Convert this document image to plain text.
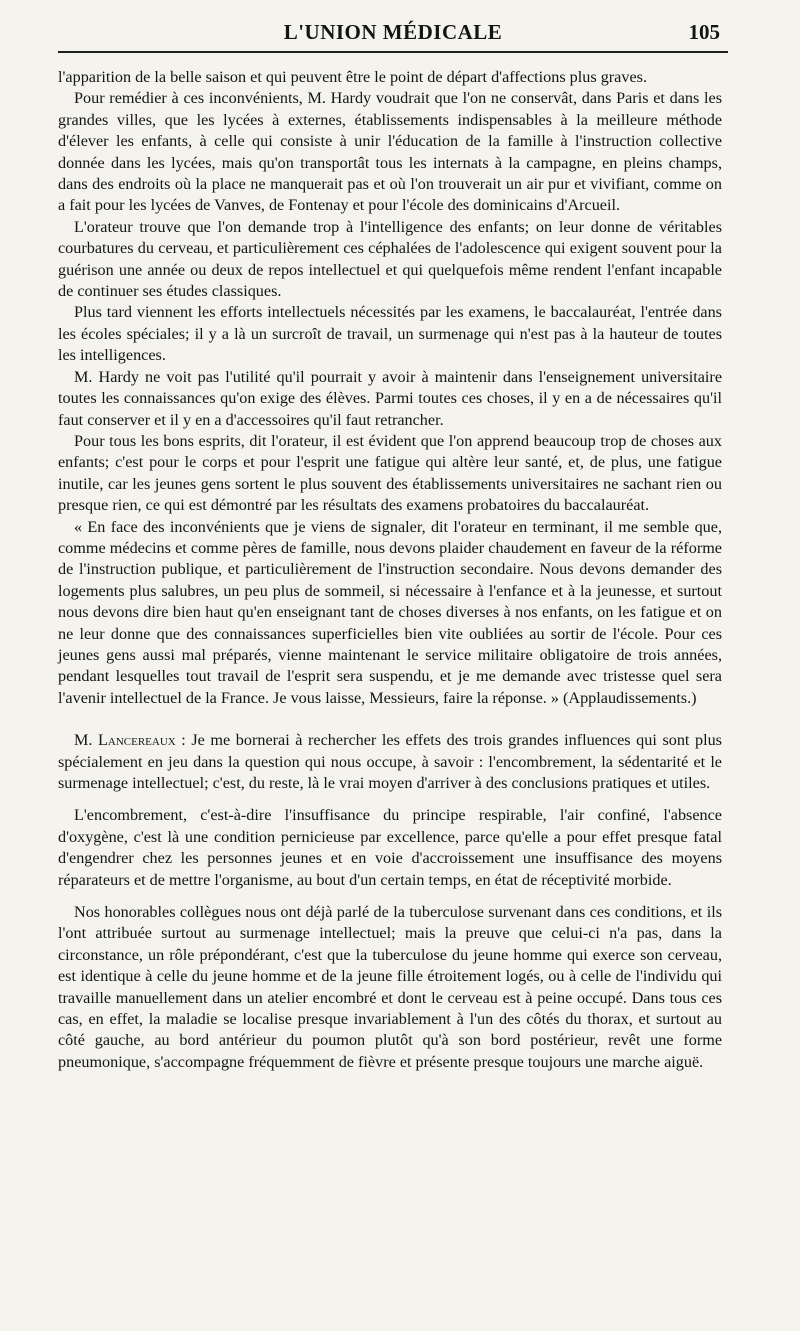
L'UNION MÉDICALE	105

l'apparition de la belle saison et qui peuvent être le point de départ d'affections plus graves.

Pour remédier à ces inconvénients, M. Hardy voudrait que l'on ne conservât, dans Paris et dans les grandes villes, que les lycées à externes, établissements indispensables à la meilleure méthode d'élever les enfants, à celle qui consiste à unir l'éducation de la famille à l'instruction collective donnée dans les lycées, mais qu'on transportât tous les internats à la campagne, en pleins champs, dans des endroits où la place ne manquerait pas et où l'on trouverait un air pur et vivifiant, comme on a fait pour les lycées de Vanves, de Fontenay et pour l'école des dominicains d'Arcueil.

L'orateur trouve que l'on demande trop à l'intelligence des enfants; on leur donne de véritables courbatures du cerveau, et particulièrement ces céphalées de l'adolescence qui exigent souvent pour la guérison une année ou deux de repos intellectuel et qui quelquefois même rendent l'enfant incapable de continuer ses études classiques.

Plus tard viennent les efforts intellectuels nécessités par les examens, le baccalauréat, l'entrée dans les écoles spéciales; il y a là un surcroît de travail, un surmenage qui n'est pas à la hauteur de toutes les intelligences.

M. Hardy ne voit pas l'utilité qu'il pourrait y avoir à maintenir dans l'enseignement universitaire toutes les connaissances qu'on exige des élèves. Parmi toutes ces choses, il y en a de nécessaires qu'il faut conserver et il y en a d'accessoires qu'il faut retrancher.

Pour tous les bons esprits, dit l'orateur, il est évident que l'on apprend beaucoup trop de choses aux enfants; c'est pour le corps et pour l'esprit une fatigue qui altère leur santé, et, de plus, une fatigue inutile, car les jeunes gens sortent le plus souvent des établissements universitaires ne sachant rien ou presque rien, ce qui est démontré par les résultats des examens probatoires du baccalauréat.

« En face des inconvénients que je viens de signaler, dit l'orateur en terminant, il me semble que, comme médecins et comme pères de famille, nous devons plaider chaudement en faveur de la réforme de l'instruction publique, et particulièrement de l'instruction secondaire. Nous devons demander des logements plus salubres, un peu plus de sommeil, si nécessaire à l'enfance et à la jeunesse, et surtout nous devons dire bien haut qu'en enseignant tant de choses diverses à nos enfants, on les fatigue et on ne leur donne que des connaissances superficielles bien vite oubliées au sortir de l'école. Pour ces jeunes gens aussi mal préparés, vienne maintenant le service militaire obligatoire de trois années, pendant lesquelles tout travail de l'esprit sera suspendu, et je me demande avec tristesse quel sera l'avenir intellectuel de la France. Je vous laisse, Messieurs, faire la réponse. » (Applaudissements.)

M. Lancereaux : Je me bornerai à rechercher les effets des trois grandes influences qui sont plus spécialement en jeu dans la question qui nous occupe, à savoir : l'encombrement, la sédentarité et le surmenage intellectuel; c'est, du reste, là le vrai moyen d'arriver à des conclusions pratiques et utiles.

L'encombrement, c'est-à-dire l'insuffisance du principe respirable, l'air confiné, l'absence d'oxygène, c'est là une condition pernicieuse par excellence, parce qu'elle a pour effet presque fatal d'engendrer chez les personnes jeunes et en voie d'accroissement une insuffisance des moyens réparateurs et de mettre l'organisme, au bout d'un certain temps, en état de réceptivité morbide.

Nos honorables collègues nous ont déjà parlé de la tuberculose survenant dans ces conditions, et ils l'ont attribuée surtout au surmenage intellectuel; mais la preuve que celui-ci n'a pas, dans la circonstance, un rôle prépondérant, c'est que la tuberculose du jeune homme qui exerce son cerveau, est identique à celle du jeune homme et de la jeune fille étroitement logés, ou à celle de l'individu qui travaille manuellement dans un atelier encombré et dont le cerveau est à peine occupé. Dans tous ces cas, en effet, la maladie se localise presque invariablement à l'un des côtés du thorax, et surtout au côté gauche, au bord antérieur du poumon plutôt qu'à son bord postérieur, revêt une forme pneumonique, s'accompagne fréquemment de fièvre et présente presque toujours une marche aiguë.
